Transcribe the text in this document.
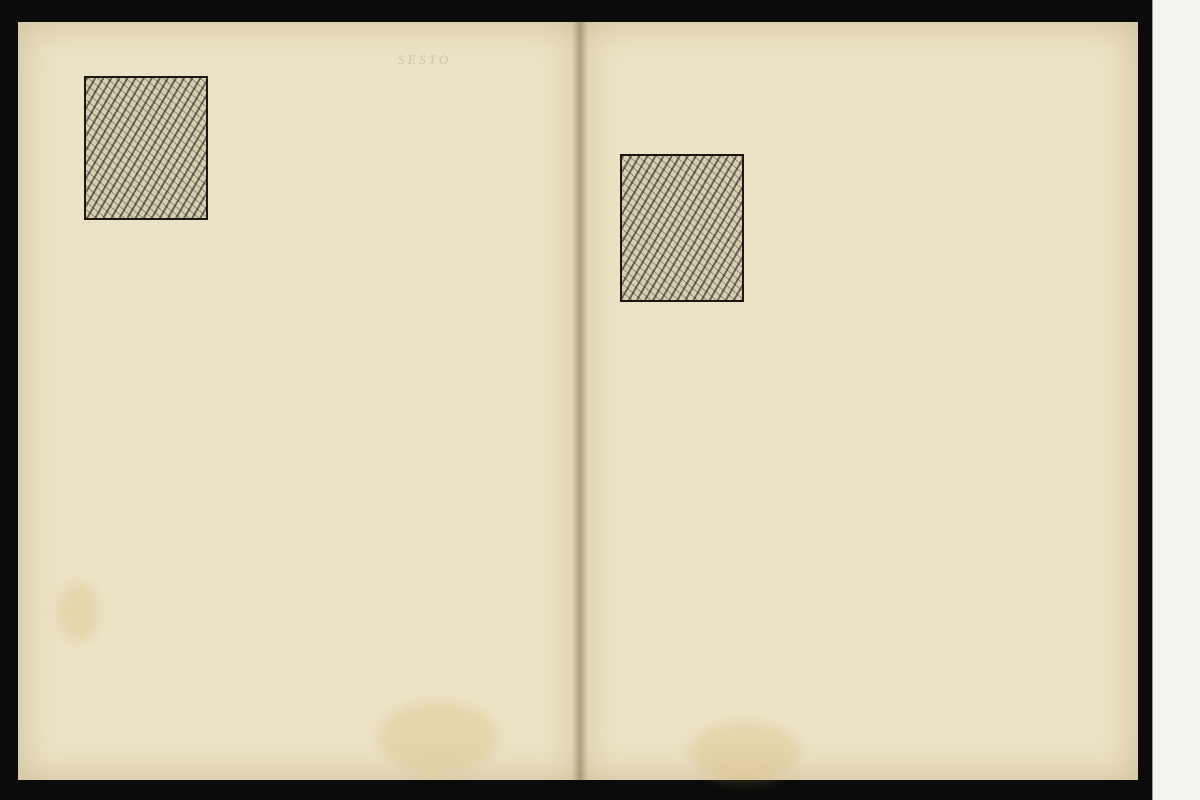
S E S T O
